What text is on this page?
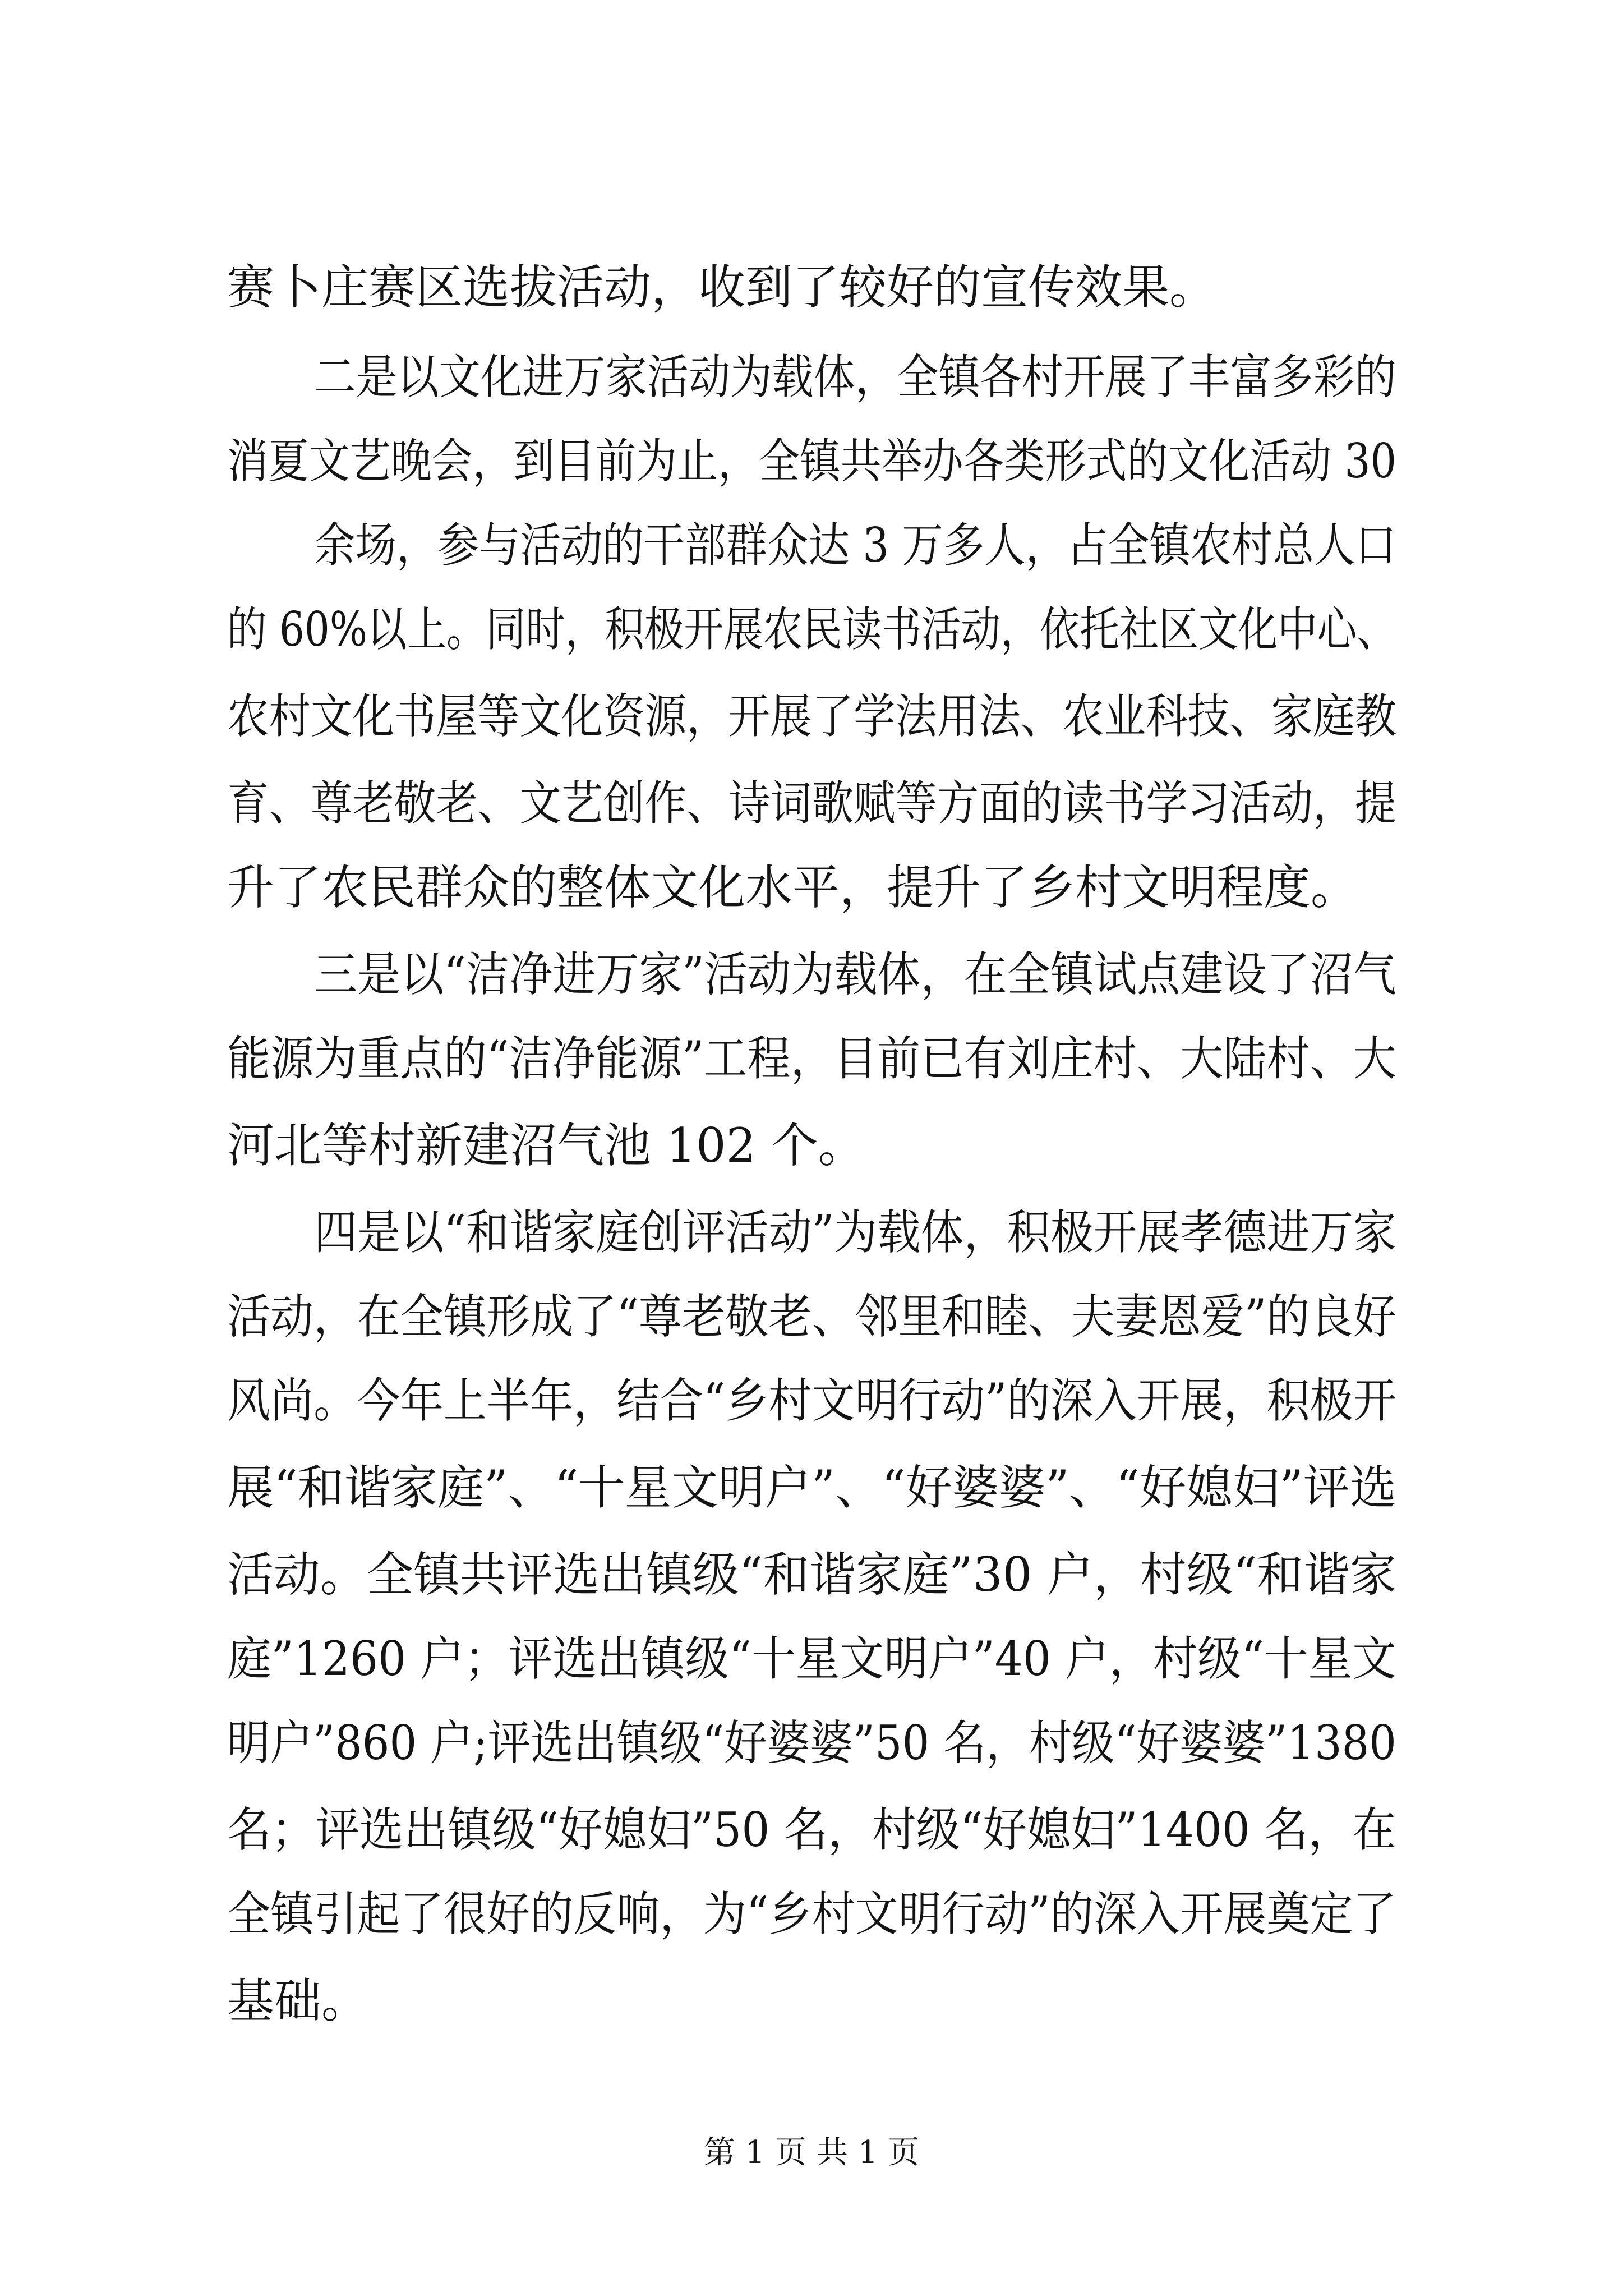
赛卜庄赛区选拔活动，收到了较好的宣传效果。
二是以文化进万家活动为载体，全镇各村开展了丰富多彩的
消夏文艺晚会，到目前为止，全镇共举办各类形式的文化活动 30
余场，参与活动的干部群众达 3 万多人，占全镇农村总人口
的 60%以上。同时，积极开展农民读书活动，依托社区文化中心、
农村文化书屋等文化资源，开展了学法用法、农业科技、家庭教
育、尊老敬老、文艺创作、诗词歌赋等方面的读书学习活动，提
升了农民群众的整体文化水平，提升了乡村文明程度。
三是以“洁净进万家”活动为载体，在全镇试点建设了沼气
能源为重点的“洁净能源”工程，目前已有刘庄村、大陆村、大
河北等村新建沼气池 102 个。
四是以“和谐家庭创评活动”为载体，积极开展孝德进万家
活动，在全镇形成了“尊老敬老、邻里和睦、夫妻恩爱”的良好
风尚。今年上半年，结合“乡村文明行动”的深入开展，积极开
展“和谐家庭”、“十星文明户”、“好婆婆”、“好媳妇”评选
活动。全镇共评选出镇级“和谐家庭”30 户，村级“和谐家
庭”1260 户；评选出镇级“十星文明户”40 户，村级“十星文
明户”860 户;评选出镇级“好婆婆”50 名，村级“好婆婆”1380
名；评选出镇级“好媳妇”50 名，村级“好媳妇”1400 名，在
全镇引起了很好的反响，为“乡村文明行动”的深入开展奠定了
基础。
第 1 页 共 1 页
